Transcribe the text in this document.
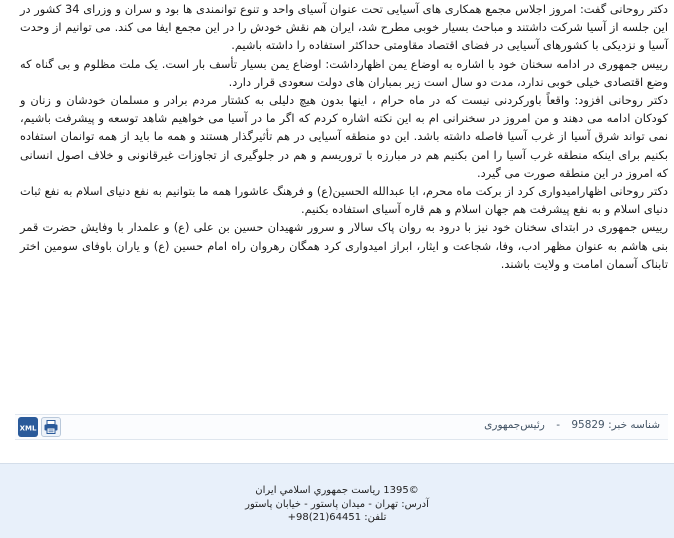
دکتر روحانی گفت: امروز اجلاس مجمع همکاری های آسیایی تحت عنوان آسیای واحد و تنوع توانمندی ها بود و سران و وزرای 34 کشور در این جلسه از آسیا شرکت داشتند و مباحث بسیار خوبی مطرح شد، ایران هم نقش خودش را در این مجمع ایفا می کند. می توانیم از وحدت آسیا و نزدیکی با کشورهای آسیایی در فضای اقتصاد مقاومتی حداکثر استفاده را داشته باشیم.

رییس جمهوری در ادامه سخنان خود با اشاره به اوضاع یمن اظهارداشت: اوضاع یمن بسیار تأسف بار است. یک ملت مظلوم و بی گناه که وضع اقتصادی خیلی خوبی ندارد، مدت دو سال است زیر بمباران های دولت سعودی قرار دارد.

دکتر روحانی افزود: واقعاً باورکردنی نیست که در ماه حرام ، اینها بدون هیچ دلیلی به کشتار مردم برادر و مسلمان خودشان و زنان و کودکان ادامه می دهند و من امروز در سخنرانی ام به این نکته اشاره کردم که اگر ما در آسیا می خواهیم شاهد توسعه و پیشرفت باشیم، نمی تواند شرق آسیا از غرب آسیا فاصله داشته باشد. این دو منطقه آسیایی در هم تأثیرگذار هستند و همه ما باید از همه توانمان استفاده بکنیم برای اینکه منطقه غرب آسیا را امن بکنیم هم در مبارزه با تروریسم و هم در جلوگیری از تجاوزات غیرقانونی و خلاف اصول انسانی که امروز در این منطقه صورت می گیرد.

دکتر روحانی اظهارامیدواری کرد از برکت ماه محرم، ابا عبدالله الحسین(ع) و فرهنگ عاشورا همه ما بتوانیم به نفع دنیای اسلام به نفع ثبات دنیای اسلام و به نفع پیشرفت هم جهان اسلام و هم قاره آسیای استفاده بکنیم.

رییس جمهوری در ابتدای سخنان خود نیز با درود به روان پاک سالار و سرور شهیدان حسین بن علی (ع) و علمدار با وفایش حضرت قمر بنی هاشم به عنوان مظهر ادب، وفا، شجاعت و ایثار، ابراز امیدواری کرد همگان رهروان راه امام حسین (ع) و یاران باوفای سومین اختر تابناک آسمان امامت و ولایت باشند.

شناسه خبر: 95829 - رئیس‌جمهوری
XML
©1395 رياست جمهوري اسلامي ايران
آدرس: تهران - میدان پاستور - خیابان پاستور
تلفن: 64451(21)98+
